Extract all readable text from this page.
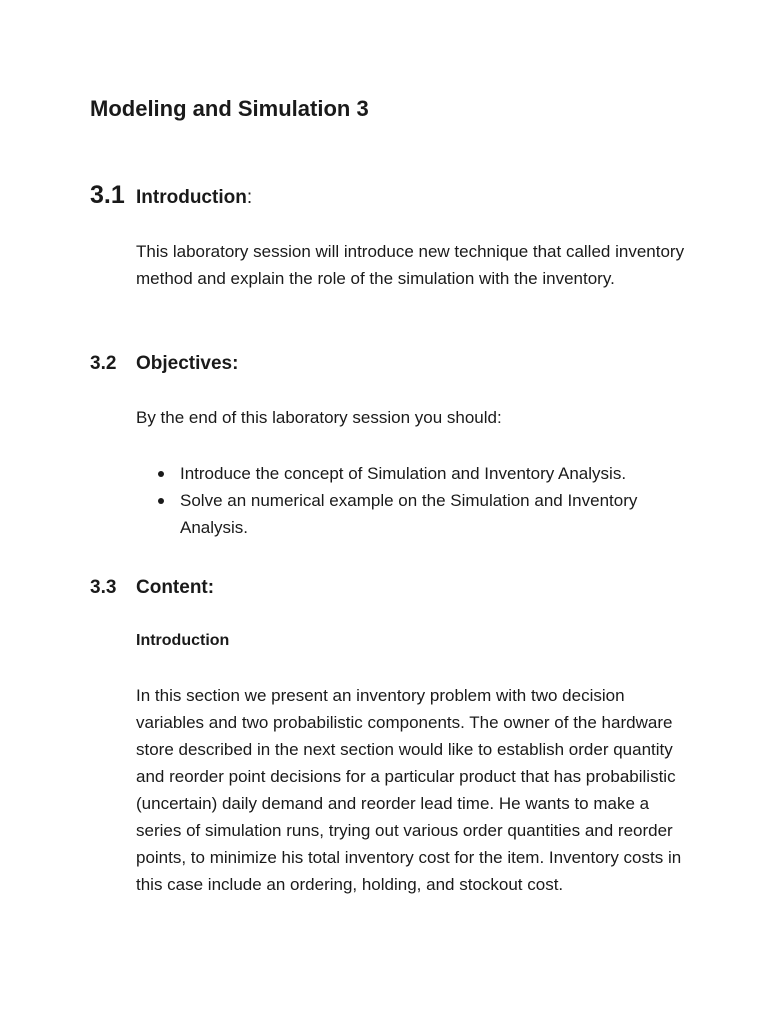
Modeling and Simulation 3
3.1 Introduction:

This laboratory session will introduce new technique that called inventory method and explain the role of the simulation with the inventory.

3.2 Objectives:

By the end of this laboratory session you should:

Introduce the concept of Simulation and Inventory Analysis.
Solve an numerical example on the Simulation and Inventory Analysis.
3.3 Content:
Introduction

In this section we present an inventory problem with two decision variables and two probabilistic components. The owner of the hardware store described in the next section would like to establish order quantity and reorder point decisions for a particular product that has probabilistic (uncertain) daily demand and reorder lead time. He wants to make a series of simulation runs, trying out various order quantities and reorder points, to minimize his total inventory cost for the item. Inventory costs in this case include an ordering, holding, and stockout cost.
